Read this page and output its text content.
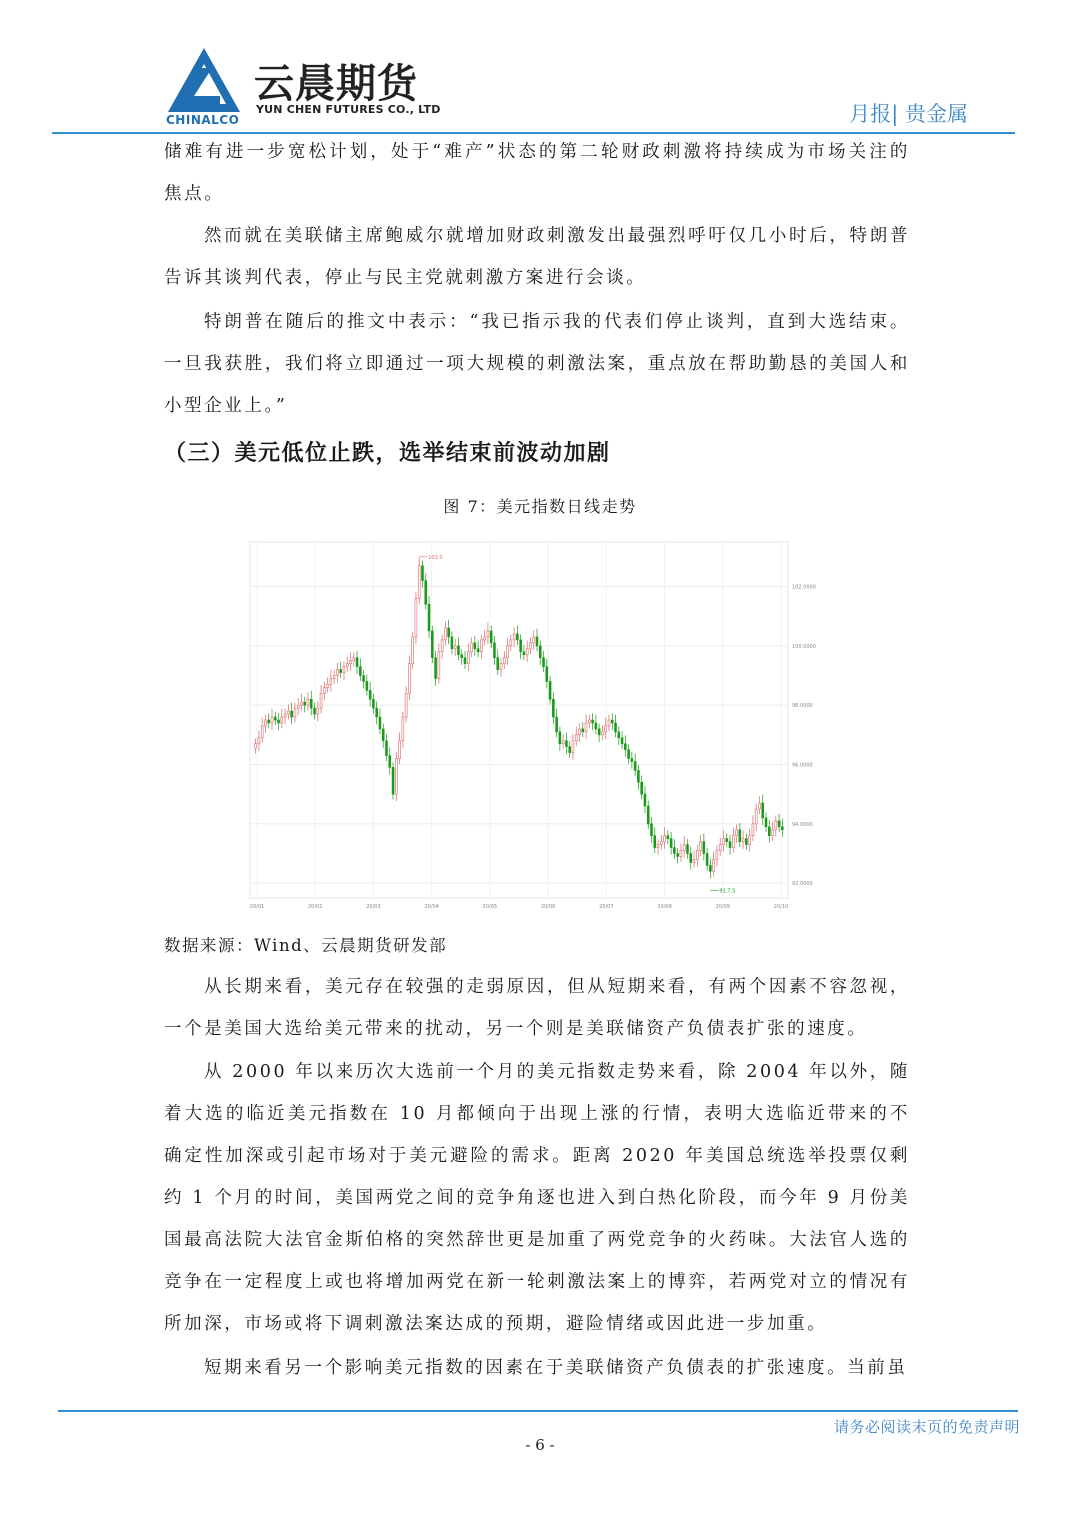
CHINALCO
云晨期货
YUN CHEN FUTURES CO., LTD	月报| 贵金属

储难有进一步宽松计划，处于“难产”状态的第二轮财政刺激将持续成为市场关注的焦点。

然而就在美联储主席鲍威尔就增加财政刺激发出最强烈呼吁仅几小时后，特朗普告诉其谈判代表，停止与民主党就刺激方案进行会谈。

特朗普在随后的推文中表示：“我已指示我的代表们停止谈判，直到大选结束。一旦我获胜，我们将立即通过一项大规模的刺激法案，重点放在帮助勤恳的美国人和小型企业上。”

（三）美元低位止跌，选举结束前波动加剧
图 7：美元指数日线走势
92.0000
94.0000
96.0000
98.0000
100.0000
102.0000
20/01	20/02	20/03	20/04	20/05	20/06	20/07	20/08	20/09	20/10
103.0
91.7.5
数据来源：Wind、云晨期货研发部

从长期来看，美元存在较强的走弱原因，但从短期来看，有两个因素不容忽视，一个是美国大选给美元带来的扰动，另一个则是美联储资产负债表扩张的速度。

从 2000 年以来历次大选前一个月的美元指数走势来看，除 2004 年以外，随着大选的临近美元指数在 10 月都倾向于出现上涨的行情，表明大选临近带来的不确定性加深或引起市场对于美元避险的需求。距离 2020 年美国总统选举投票仅剩约 1 个月的时间，美国两党之间的竞争角逐也进入到白热化阶段，而今年 9 月份美国最高法院大法官金斯伯格的突然辞世更是加重了两党竞争的火药味。大法官人选的竞争在一定程度上或也将增加两党在新一轮刺激法案上的博弈，若两党对立的情况有所加深，市场或将下调刺激法案达成的预期，避险情绪或因此进一步加重。

短期来看另一个影响美元指数的因素在于美联储资产负债表的扩张速度。当前虽

请务必阅读末页的免责声明
- 6 -
